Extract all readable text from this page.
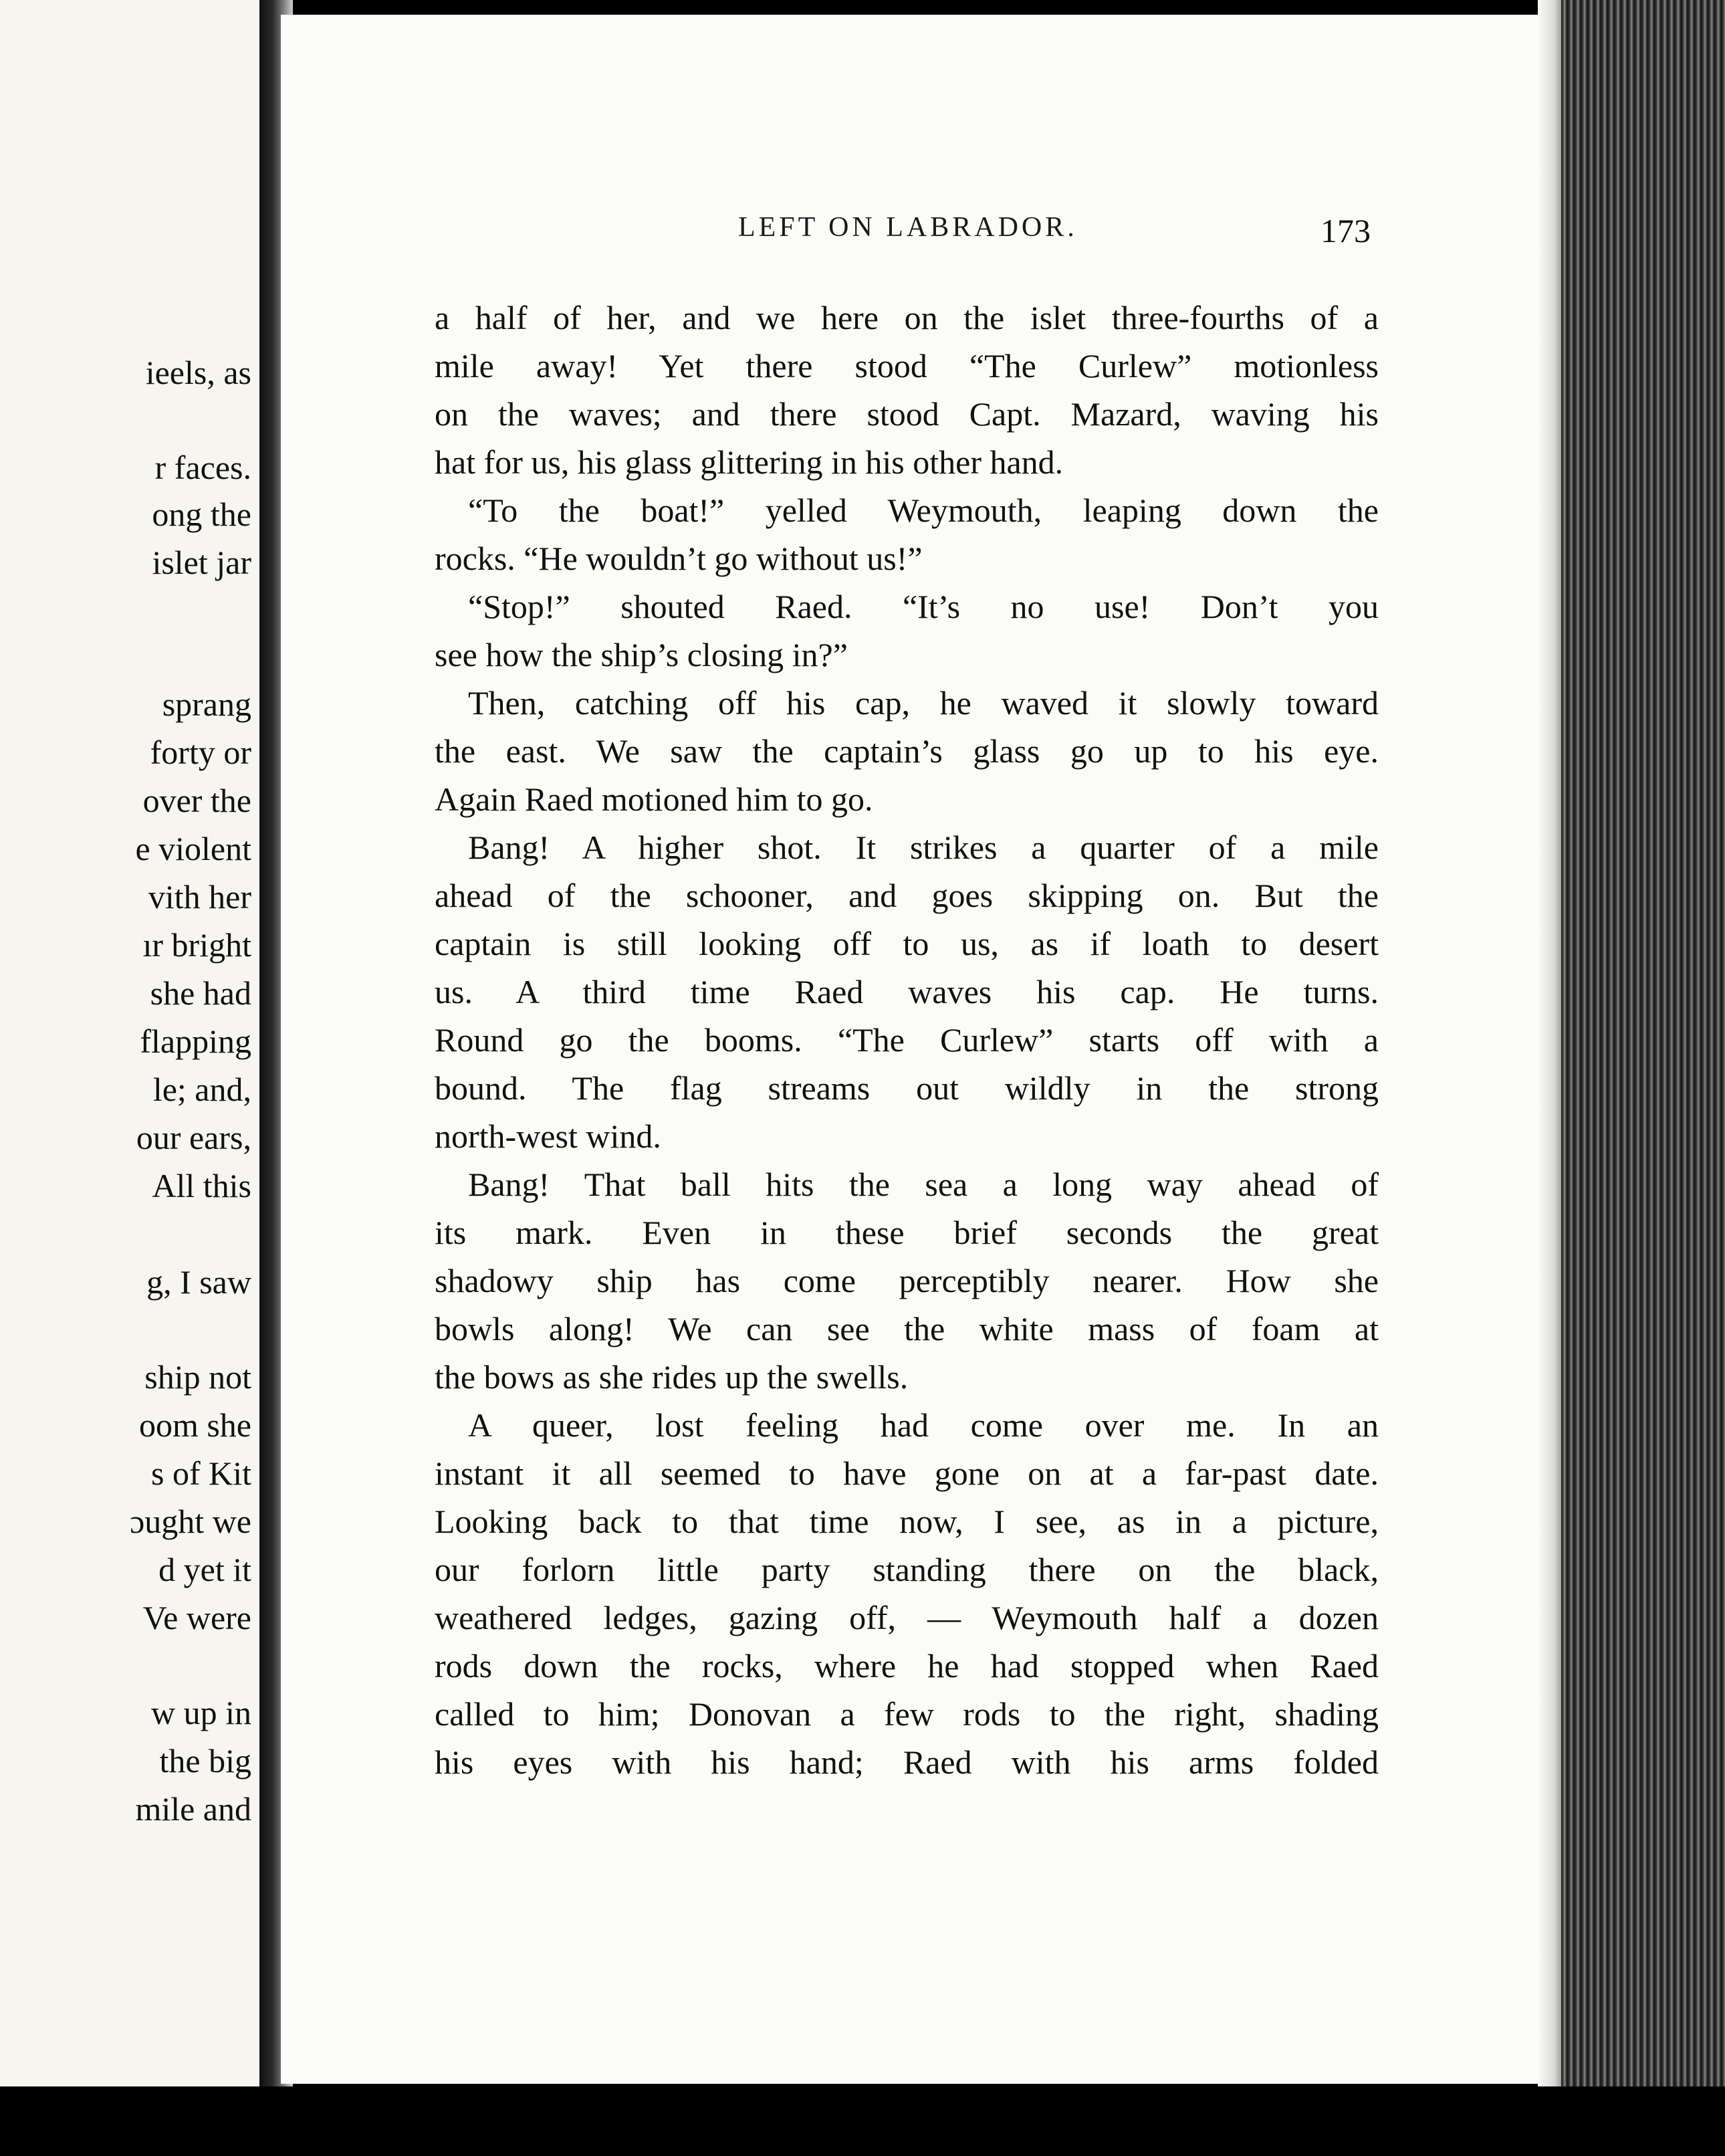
ieels, as

r faces.

ong the

islet jar

sprang

forty or

over the

e violent

vith her

ır bright

she had

flapping

le; and,

our ears,

All this

g, I saw

ship not

oom she

s of Kit

ɔught we

d yet it

Ve were

w up in

the big

mile and

LEFT ON LABRADOR.	173

a half of her, and we here on the islet three-fourths of a

mile away! Yet there stood “The Curlew” motionless

on the waves; and there stood Capt. Mazard, waving his

hat for us, his glass glittering in his other hand.

“To the boat!” yelled Weymouth, leaping down the

rocks. “He wouldn’t go without us!”

“Stop!” shouted Raed. “It’s no use! Don’t you

see how the ship’s closing in?”

Then, catching off his cap, he waved it slowly toward

the east. We saw the captain’s glass go up to his eye.

Again Raed motioned him to go.

Bang! A higher shot. It strikes a quarter of a mile

ahead of the schooner, and goes skipping on. But the

captain is still looking off to us, as if loath to desert

us. A third time Raed waves his cap. He turns.

Round go the booms. “The Curlew” starts off with a

bound. The flag streams out wildly in the strong

north-west wind.

Bang! That ball hits the sea a long way ahead of

its mark. Even in these brief seconds the great

shadowy ship has come perceptibly nearer. How she

bowls along! We can see the white mass of foam at

the bows as she rides up the swells.

A queer, lost feeling had come over me. In an

instant it all seemed to have gone on at a far-past date.

Looking back to that time now, I see, as in a picture,

our forlorn little party standing there on the black,

weathered ledges, gazing off, — Weymouth half a dozen

rods down the rocks, where he had stopped when Raed

called to him; Donovan a few rods to the right, shading

his eyes with his hand; Raed with his arms folded
